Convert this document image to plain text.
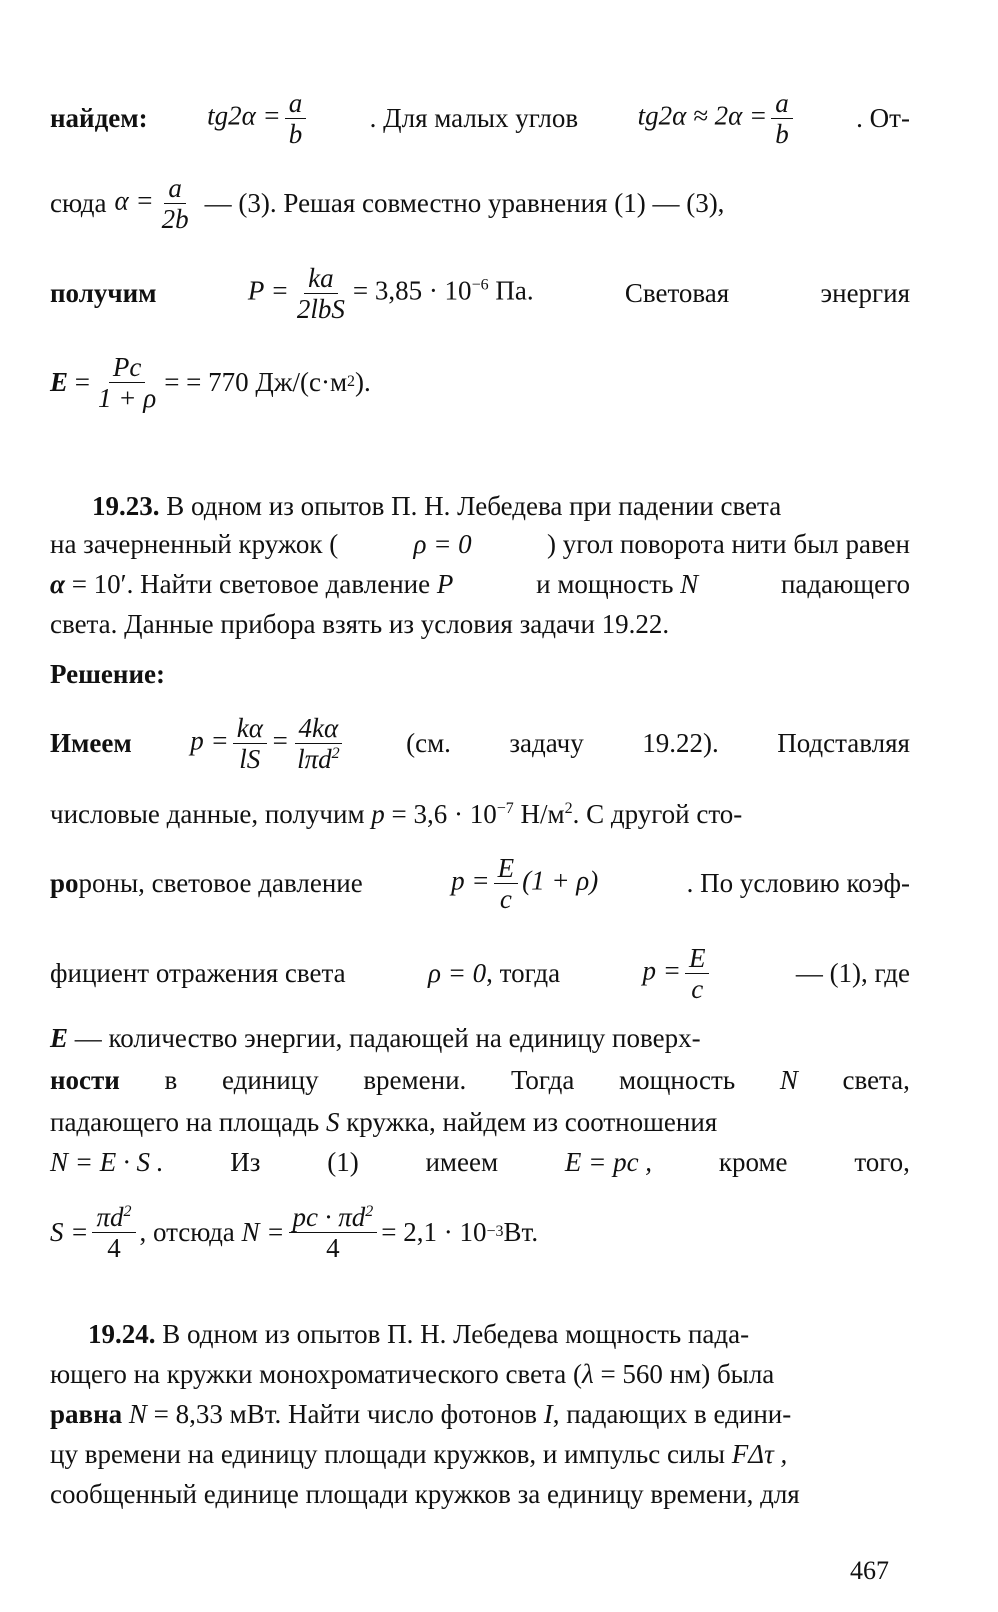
найдем: $tg2\alpha = \frac{a}{b}$ . Для малых углов $tg2\alpha \approx 2\alpha = \frac{a}{b}$ . От-
сюда $\alpha = \frac{a}{2b}$ — (3). Решая совместно уравнения (1) — (3),
получим	P = ka
2lbS
= $3,85 \cdot 10^{-6}$ Па.	Световая	энергия
$E = \frac{Pc}{1 + \rho}$ = = 770 Дж/(с·м 2 ).
19.23. В одном из опытов П. Н. Лебедева при падении света
на зачерненный кружок (	ρ = 0	) угол поворота нити был равен
α = 10′. Найти световое давление P	и мощность N	падающего
света. Данные прибора взять из условия задачи 19.22.
Решение:
Имеем $p = \frac{k\alpha}{lS} = 4k\alpha$
lπd$^2$ (см. задачу 19.22). Подставляя
числовые данные, получим $p = 3,6 \cdot 10^{-7}$ $Н/м^2$. С другой сто-
ророны, световое давление	$p = \frac{E}{c} (1 + \rho)$	. По условию коэф-
фициент отражения света	ρ = 0, тогда	$p = \frac{E}{c}$	— (1), где
E — количество энергии, падающей на единицу поверх-
ности в единицу времени. Тогда мощность N света,
падающего на площадь S кружка, найдем из соотношения
N = E · S . Из (1) имеем E = pc , кроме того,
$S = \frac{\pi d^2}{4}$ , отсюда $N = \frac{pc \cdot \pi d^2}{4} = 2,1 \cdot 10 -3$ Вт.
19.24. В одном из опытов П. Н. Лебедева мощность пада-
ющего на кружки монохроматического света (λ = 560 нм) была
равна N = 8,33 мВт. Найти число фотонов I, падающих в едини-
цу времени на единицу площади кружков, и импульс силы FΔτ ,
сообщенный единице площади кружков за единицу времени, для
467
